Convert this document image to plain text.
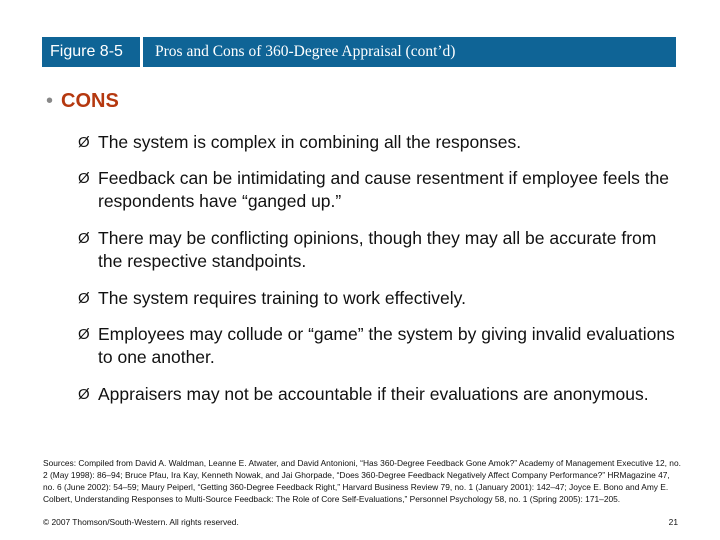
Figure 8-5	Pros and Cons of 360-Degree Appraisal (cont’d)
• CONS
Ø The system is complex in combining all the responses.
Ø Feedback can be intimidating and cause resentment if employee feels the respondents have “ganged up.”
Ø There may be conflicting opinions, though they may all be accurate from the respective standpoints.
Ø The system requires training to work effectively.
Ø Employees may collude or “game” the system by giving invalid evaluations to one another.
Ø Appraisers may not be accountable if their evaluations are anonymous.
Sources: Compiled from David A. Waldman, Leanne E. Atwater, and David Antonioni, “Has 360-Degree Feedback Gone Amok?” Academy of Management Executive 12, no. 2 (May 1998): 86–94; Bruce Pfau, Ira Kay, Kenneth Nowak, and Jai Ghorpade, “Does 360-Degree Feedback Negatively Affect Company Performance?” HRMagazine 47, no. 6 (June 2002): 54–59; Maury Peiperl, “Getting 360-Degree Feedback Right,” Harvard Business Review 79, no. 1 (January 2001): 142–47; Joyce E. Bono and Amy E. Colbert, Understanding Responses to Multi-Source Feedback: The Role of Core Self-Evaluations,” Personnel Psychology 58, no. 1 (Spring 2005): 171–205.
© 2007 Thomson/South-Western. All rights reserved.	21
